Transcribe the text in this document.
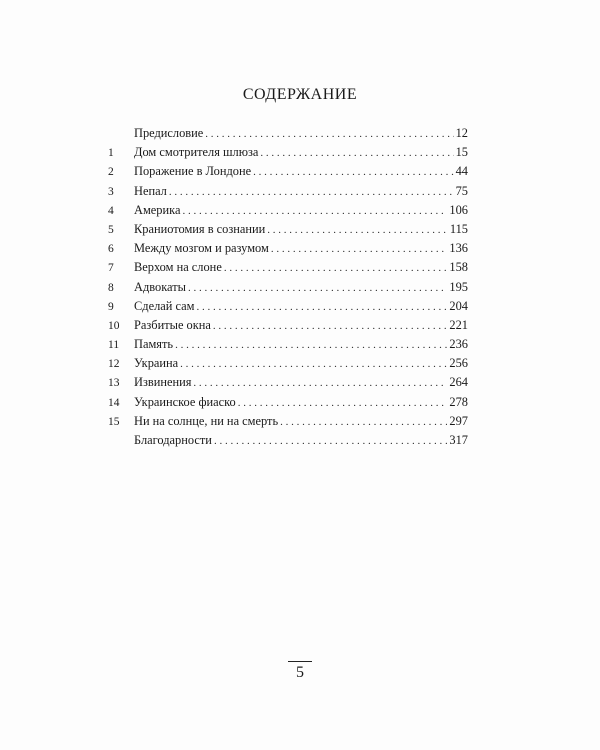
СОДЕРЖАНИЕ
Предисловие . . .	12
1	Дом смотрителя шлюза . . .	15
2	Поражение в Лондоне . . .	44
3	Непал . . .	75
4	Америка . . .	106
5	Краниотомия в сознании . . .	115
6	Между мозгом и разумом . . .	136
7	Верхом на слоне . . .	158
8	Адвокаты . . .	195
9	Сделай сам . . .	204
10	Разбитые окна . . .	221
11	Память . . .	236
12	Украина . . .	256
13	Извинения . . .	264
14	Украинское фиаско . . .	278
15	Ни на солнце, ни на смерть . . .	297
Благодарности . . .	317
5
